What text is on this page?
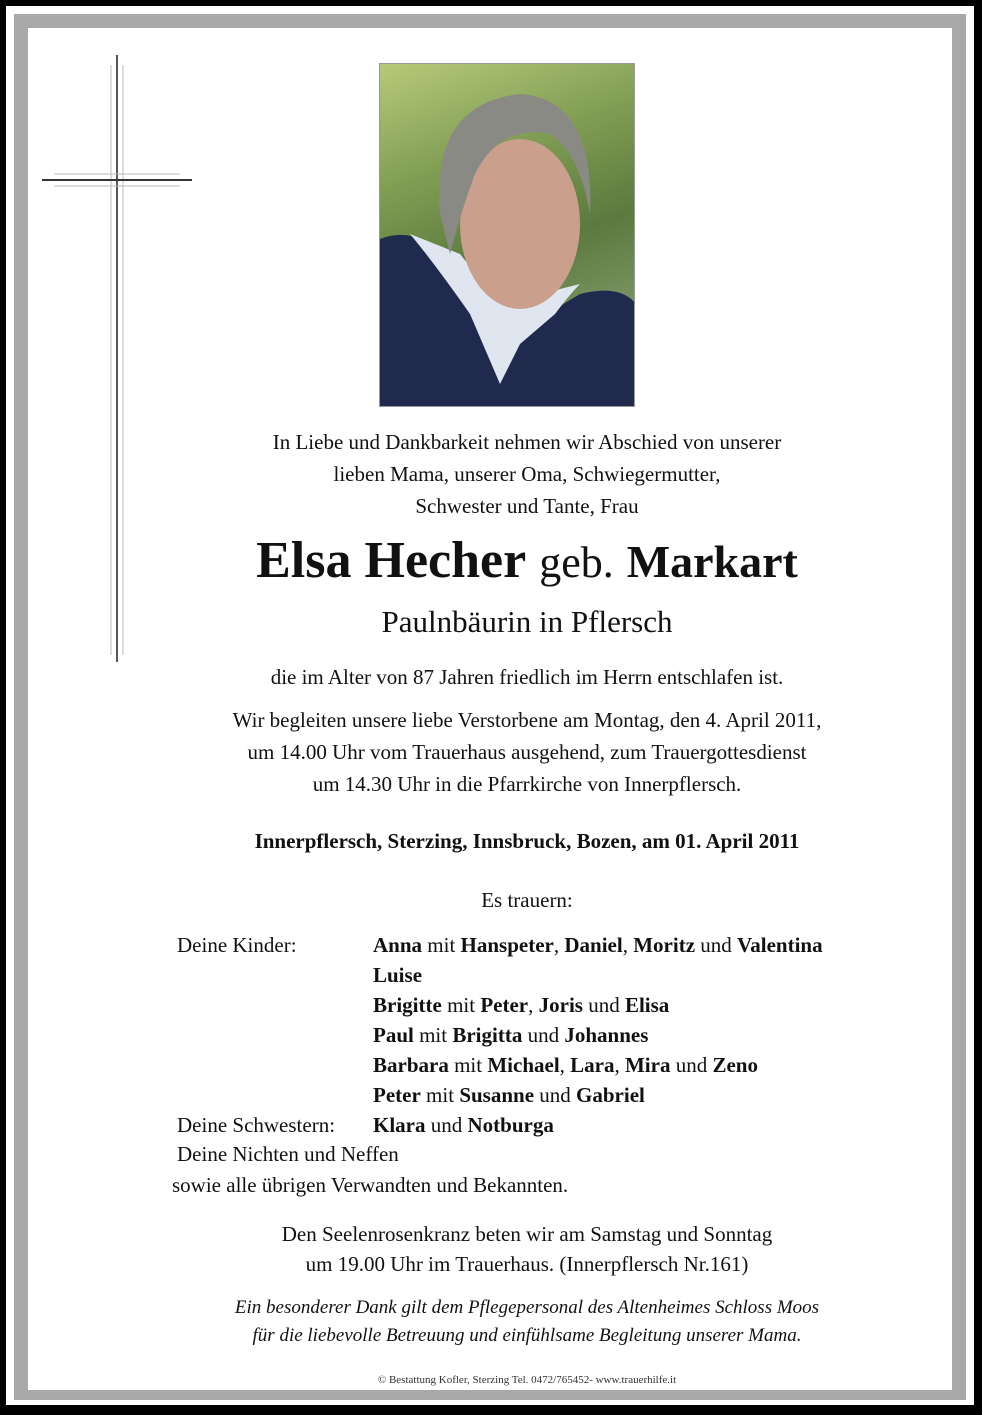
In Liebe und Dankbarkeit nehmen wir Abschied von unserer
lieben Mama, unserer Oma, Schwiegermutter,
Schwester und Tante, Frau
Elsa Hecher geb. Markart
Paulnbäurin in Pflersch
die im Alter von 87 Jahren friedlich im Herrn entschlafen ist.
Wir begleiten unsere liebe Verstorbene am Montag, den 4. April 2011,
um 14.00 Uhr vom Trauerhaus ausgehend, zum Trauergottesdienst
um 14.30 Uhr in die Pfarrkirche von Innerpflersch.
Innerpflersch, Sterzing, Innsbruck, Bozen, am 01. April 2011
Es trauern:
Deine Kinder:	Anna mit Hanspeter, Daniel, Moritz und Valentina
Luise
Brigitte mit Peter, Joris und Elisa
Paul mit Brigitta und Johannes
Barbara mit Michael, Lara, Mira und Zeno
Peter mit Susanne und Gabriel
Deine Schwestern: Klara und Notburga
Deine Nichten und Neffen
sowie alle übrigen Verwandten und Bekannten.
Den Seelenrosenkranz beten wir am Samstag und Sonntag
um 19.00 Uhr im Trauerhaus. (Innerpflersch Nr.161)
Ein besonderer Dank gilt dem Pflegepersonal des Altenheimes Schloss Moos
für die liebevolle Betreuung und einfühlsame Begleitung unserer Mama.
© Bestattung Kofler, Sterzing Tel. 0472/765452- www.trauerhilfe.it
